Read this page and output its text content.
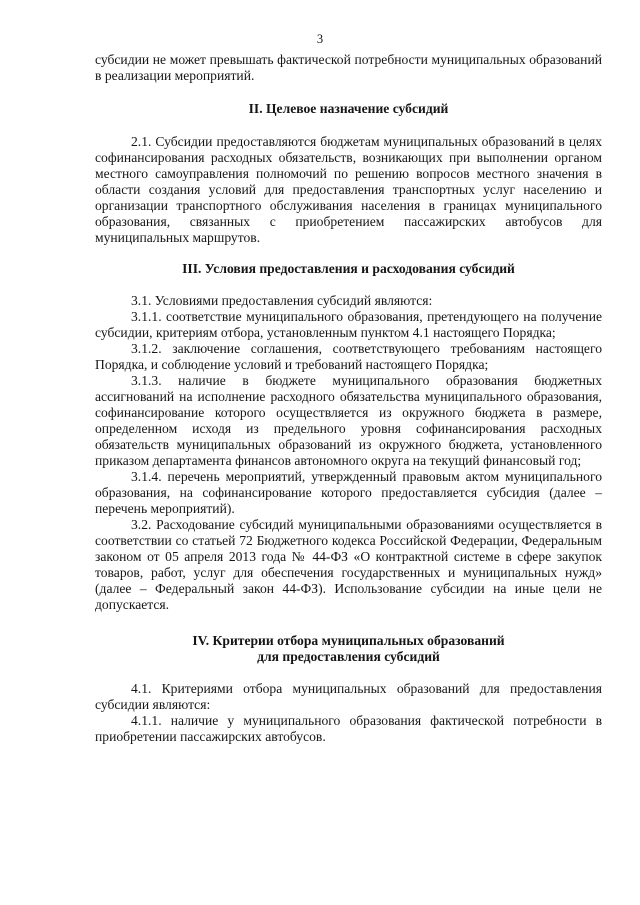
3

субсидии не может превышать фактической потребности муниципальных образований в реализации мероприятий.

II. Целевое назначение субсидий

2.1. Субсидии предоставляются бюджетам муниципальных образований в целях софинансирования расходных обязательств, возникающих при выполнении органом местного самоуправления полномочий по решению вопросов местного значения в области создания условий для предоставления транспортных услуг населению и организации транспортного обслуживания населения в границах муниципального образования, связанных с приобретением пассажирских автобусов для муниципальных маршрутов.

III. Условия предоставления и расходования субсидий

3.1. Условиями предоставления субсидий являются:

3.1.1. соответствие муниципального образования, претендующего на получение субсидии, критериям отбора, установленным пунктом 4.1 настоящего Порядка;

3.1.2. заключение соглашения, соответствующего требованиям настоящего Порядка, и соблюдение условий и требований настоящего Порядка;

3.1.3. наличие в бюджете муниципального образования бюджетных ассигнований на исполнение расходного обязательства муниципального образования, софинансирование которого осуществляется из окружного бюджета в размере, определенном исходя из предельного уровня софинансирования расходных обязательств муниципальных образований из окружного бюджета, установленного приказом департамента финансов автономного округа на текущий финансовый год;

3.1.4. перечень мероприятий, утвержденный правовым актом муниципального образования, на софинансирование которого предоставляется субсидия (далее – перечень мероприятий).

3.2. Расходование субсидий муниципальными образованиями осуществляется в соответствии со статьей 72 Бюджетного кодекса Российской Федерации, Федеральным законом от 05 апреля 2013 года № 44-ФЗ «О контрактной системе в сфере закупок товаров, работ, услуг для обеспечения государственных и муниципальных нужд» (далее – Федеральный закон 44-ФЗ). Использование субсидии на иные цели не допускается.

IV. Критерии отбора муниципальных образований

для предоставления субсидий

4.1. Критериями отбора муниципальных образований для предоставления субсидии являются:

4.1.1. наличие у муниципального образования фактической потребности в приобретении пассажирских автобусов.
